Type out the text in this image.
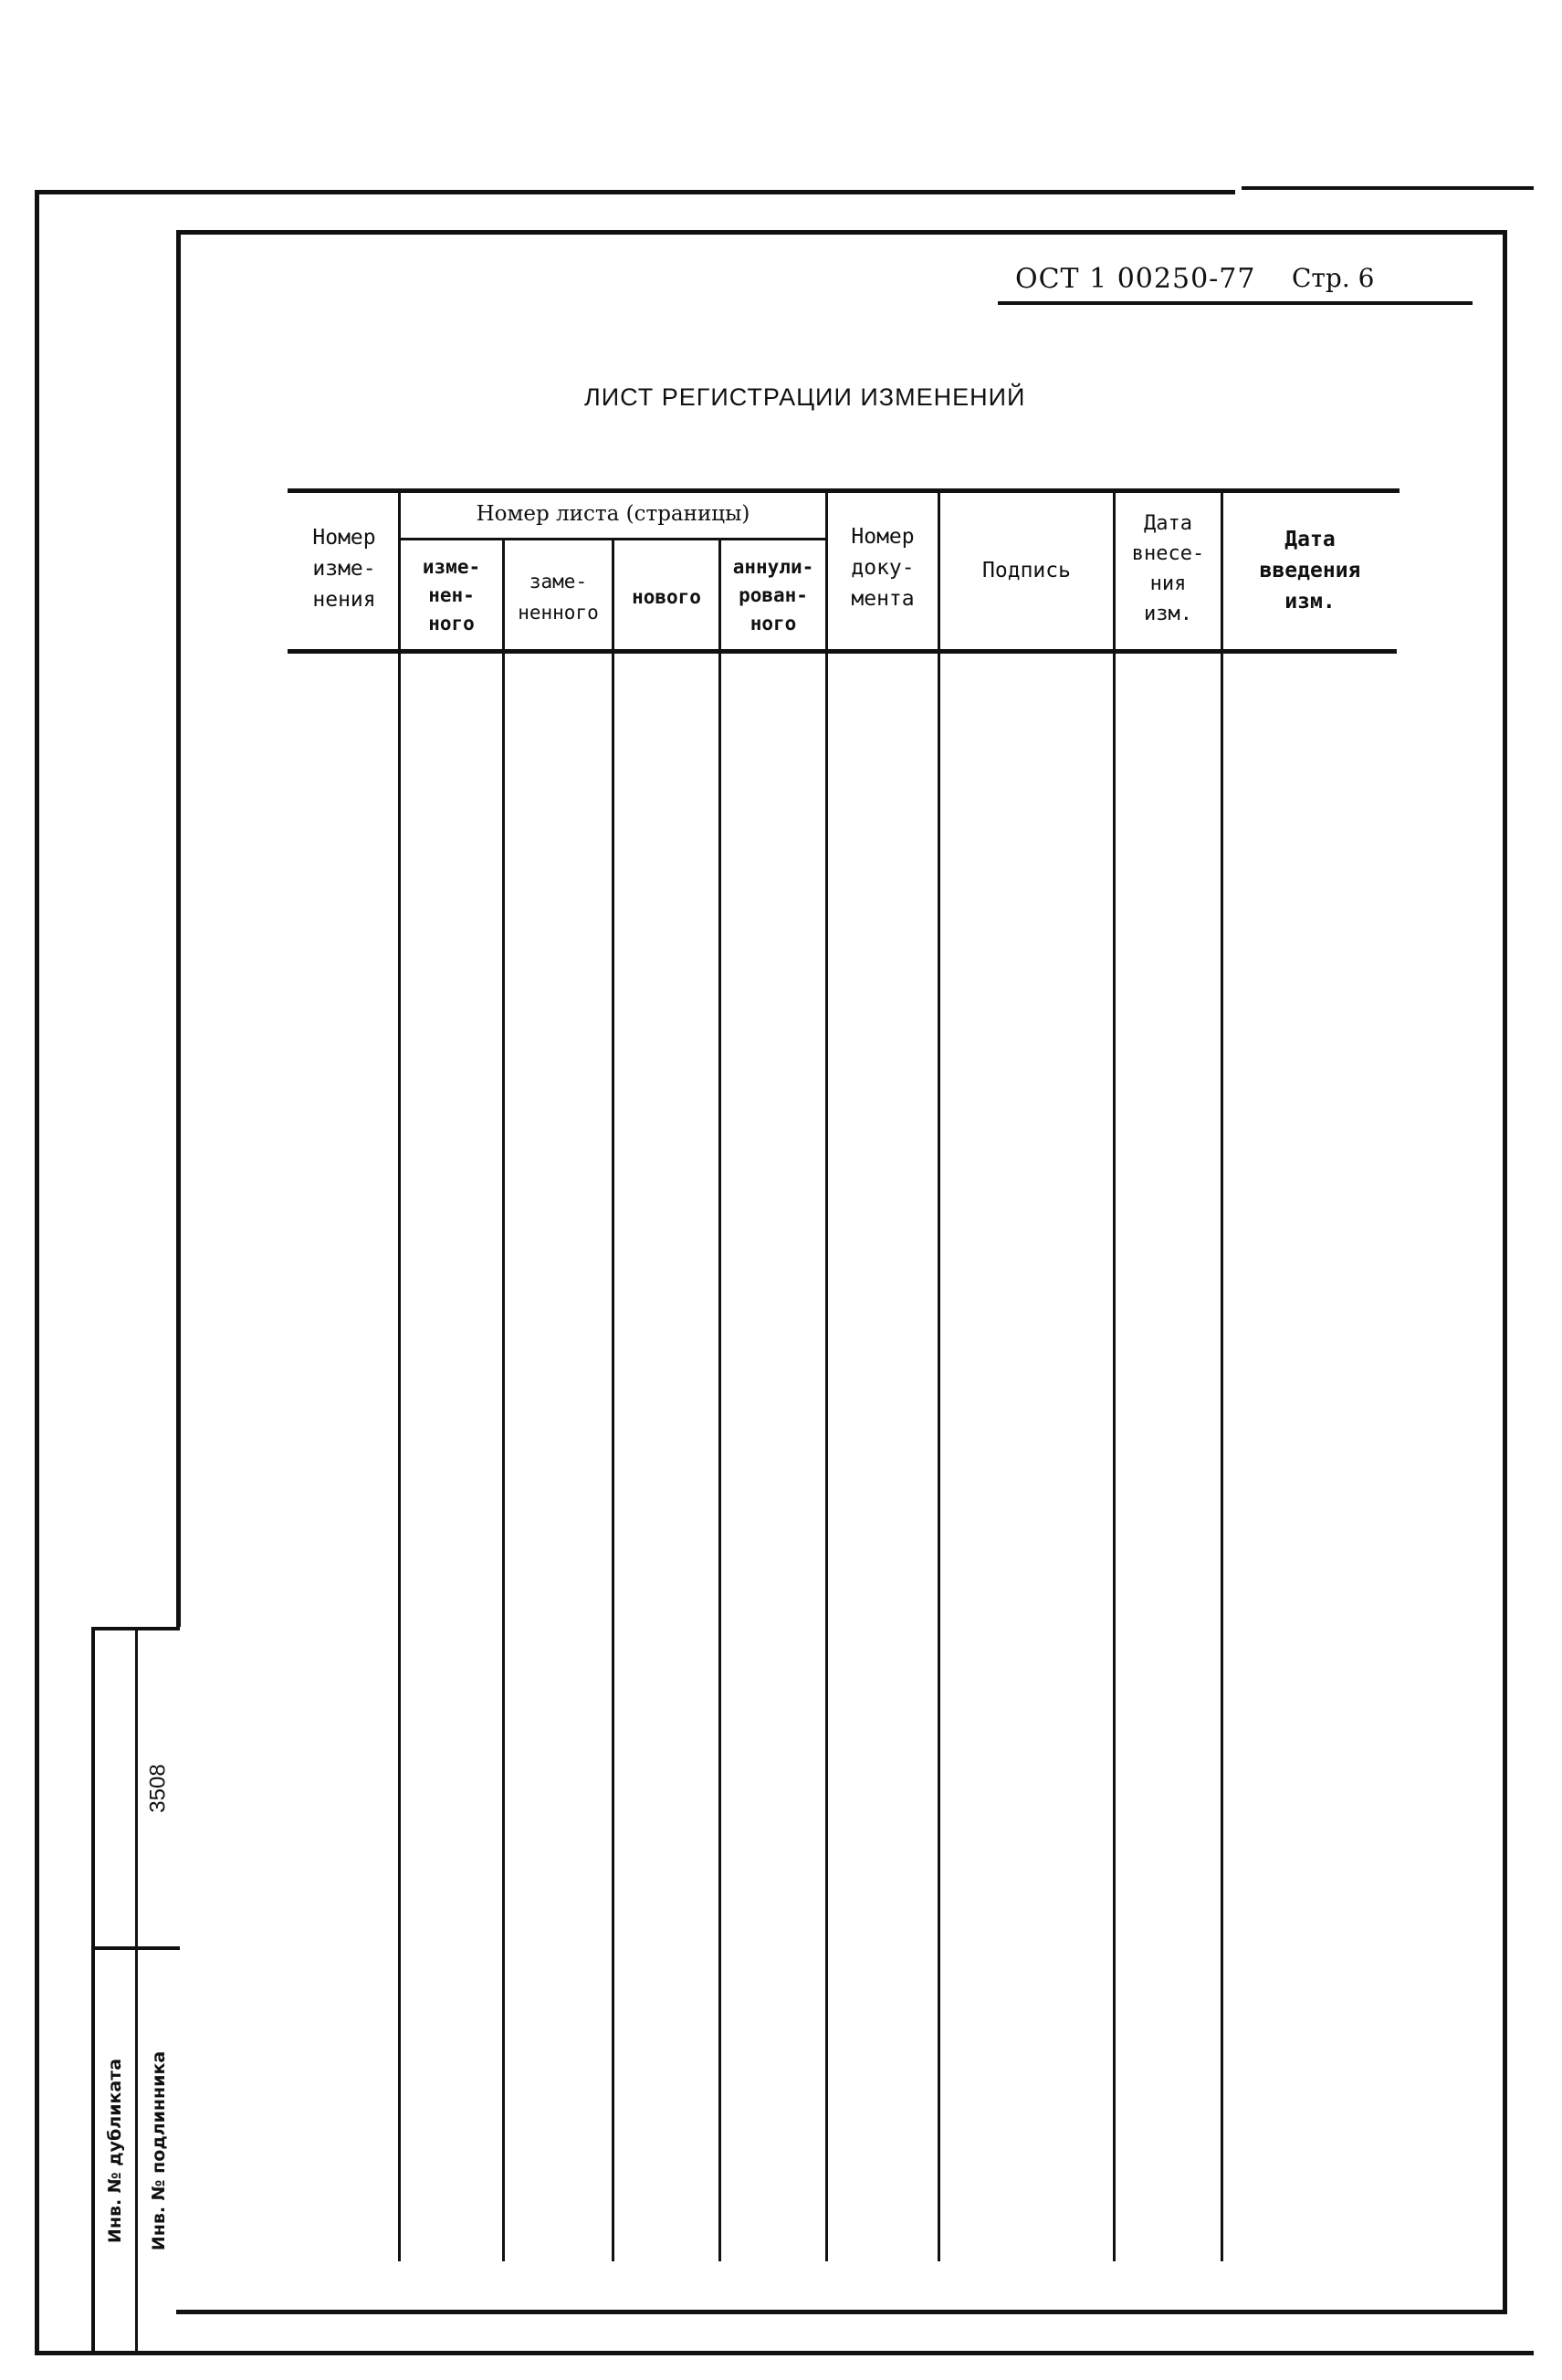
ОСТ 1 00250-77 Стр. 6
ЛИСТ РЕГИСТРАЦИИ ИЗМЕНЕНИЙ
Номер
изме-
нения
Номер листа (страницы)
изме-
нен-
ного
заме-
ненного
нового
аннули-
рован-
ного
Номер
доку-
мента
Подпись
Дата
внесе-
ния
изм.
Дата
введения
изм.
Инв. № дубликата Инв. № подлинника
3508
